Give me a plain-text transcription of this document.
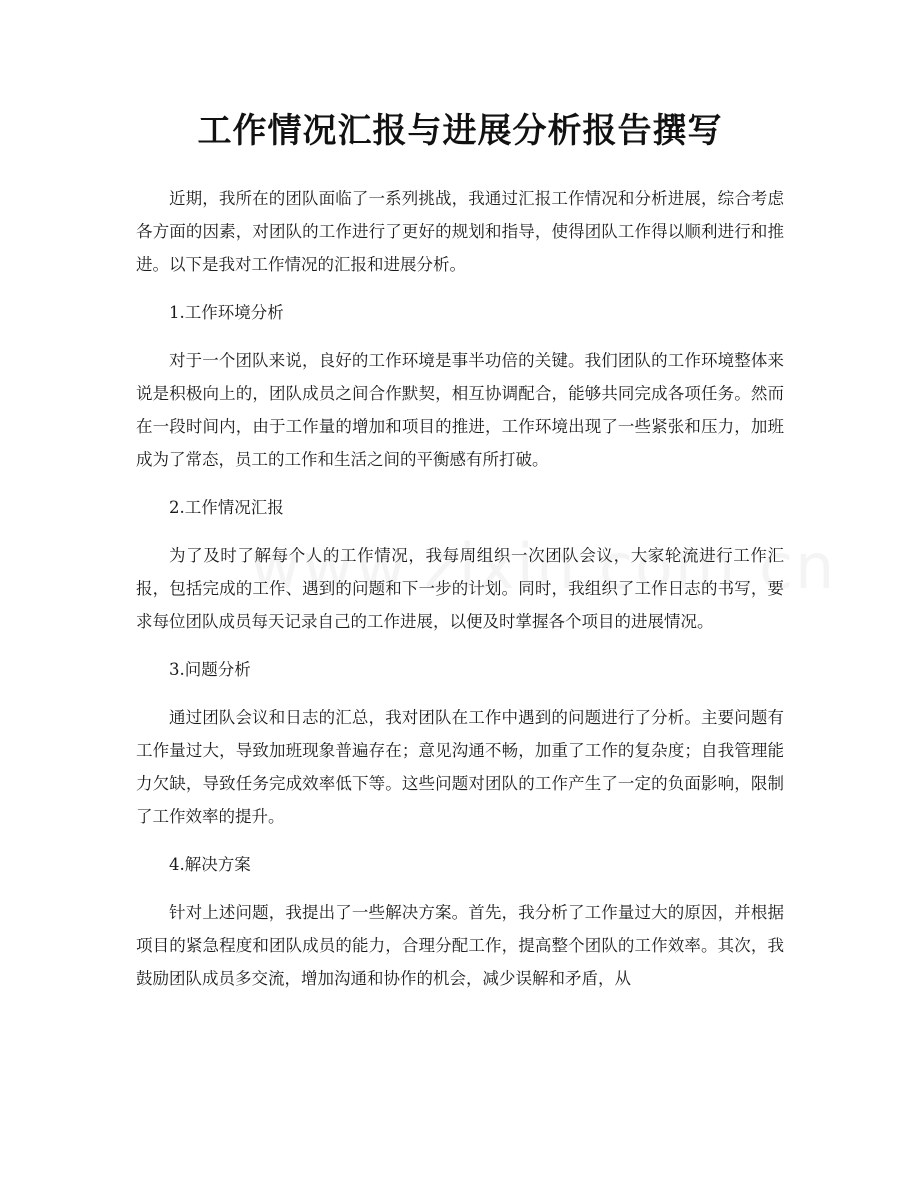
工作情况汇报与进展分析报告撰写

近期，我所在的团队面临了一系列挑战，我通过汇报工作情况和分析进展，综合考虑各方面的因素，对团队的工作进行了更好的规划和指导，使得团队工作得以顺利进行和推进。以下是我对工作情况的汇报和进展分析。

1.工作环境分析

对于一个团队来说，良好的工作环境是事半功倍的关键。我们团队的工作环境整体来说是积极向上的，团队成员之间合作默契，相互协调配合，能够共同完成各项任务。然而在一段时间内，由于工作量的增加和项目的推进，工作环境出现了一些紧张和压力，加班成为了常态，员工的工作和生活之间的平衡感有所打破。

2.工作情况汇报

为了及时了解每个人的工作情况，我每周组织一次团队会议，大家轮流进行工作汇报，包括完成的工作、遇到的问题和下一步的计划。同时，我组织了工作日志的书写，要求每位团队成员每天记录自己的工作进展，以便及时掌握各个项目的进展情况。

3.问题分析

通过团队会议和日志的汇总，我对团队在工作中遇到的问题进行了分析。主要问题有工作量过大，导致加班现象普遍存在；意见沟通不畅，加重了工作的复杂度；自我管理能力欠缺，导致任务完成效率低下等。这些问题对团队的工作产生了一定的负面影响，限制了工作效率的提升。

4.解决方案

针对上述问题，我提出了一些解决方案。首先，我分析了工作量过大的原因，并根据项目的紧急程度和团队成员的能力，合理分配工作，提高整个团队的工作效率。其次，我鼓励团队成员多交流，增加沟通和协作的机会，减少误解和矛盾，从
